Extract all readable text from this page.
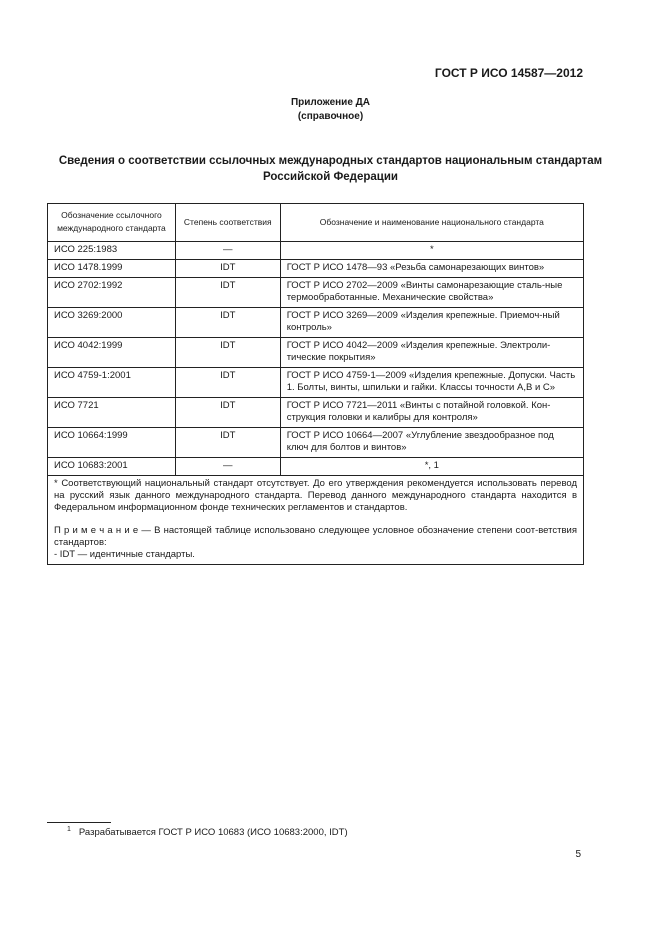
ГОСТ Р ИСО 14587—2012
Приложение ДА
(справочное)
Сведения о соответствии ссылочных международных стандартов национальным стандартам
Российской Федерации
Обозначение ссылочного международного стандарта	Степень соответствия	Обозначение и наименование национального стандарта
ИСО 225:1983	—	*
ИСО 1478.1999	IDT	ГОСТ Р ИСО 1478—93 «Резьба самонарезающих винтов»
ИСО 2702:1992	IDT	ГОСТ Р ИСО 2702—2009 «Винты самонарезающие сталь-ные термообработанные. Механические свойства»
ИСО 3269:2000	IDT	ГОСТ Р ИСО 3269—2009 «Изделия крепежные. Приемоч-ный контроль»
ИСО 4042:1999	IDT	ГОСТ Р ИСО 4042—2009 «Изделия крепежные. Электроли-тические покрытия»
ИСО 4759-1:2001	IDT	ГОСТ Р ИСО 4759-1—2009 «Изделия крепежные. Допуски. Часть 1. Болты, винты, шпильки и гайки. Классы точности А,В и С»
ИСО 7721	IDT	ГОСТ Р ИСО 7721—2011 «Винты с потайной головкой. Кон-струкция головки и калибры для контроля»
ИСО 10664:1999	IDT	ГОСТ Р ИСО 10664—2007 «Углубление звездообразное под ключ для болтов и винтов»
ИСО 10683:2001	—	*, 1

* Соответствующий национальный стандарт отсутствует. До его утверждения рекомендуется использовать перевод на русский язык данного международного стандарта. Перевод данного международного стандарта находится в Федеральном информационном фонде технических регламентов и стандартов.

П р и м е ч а н и е — В настоящей таблице использовано следующее условное обозначение степени соот-ветствия стандартов:

- IDT — идентичные стандарты.		

$^1$ Разрабатывается ГОСТ Р ИСО 10683 (ИСО 10683:2000, IDT)
5
